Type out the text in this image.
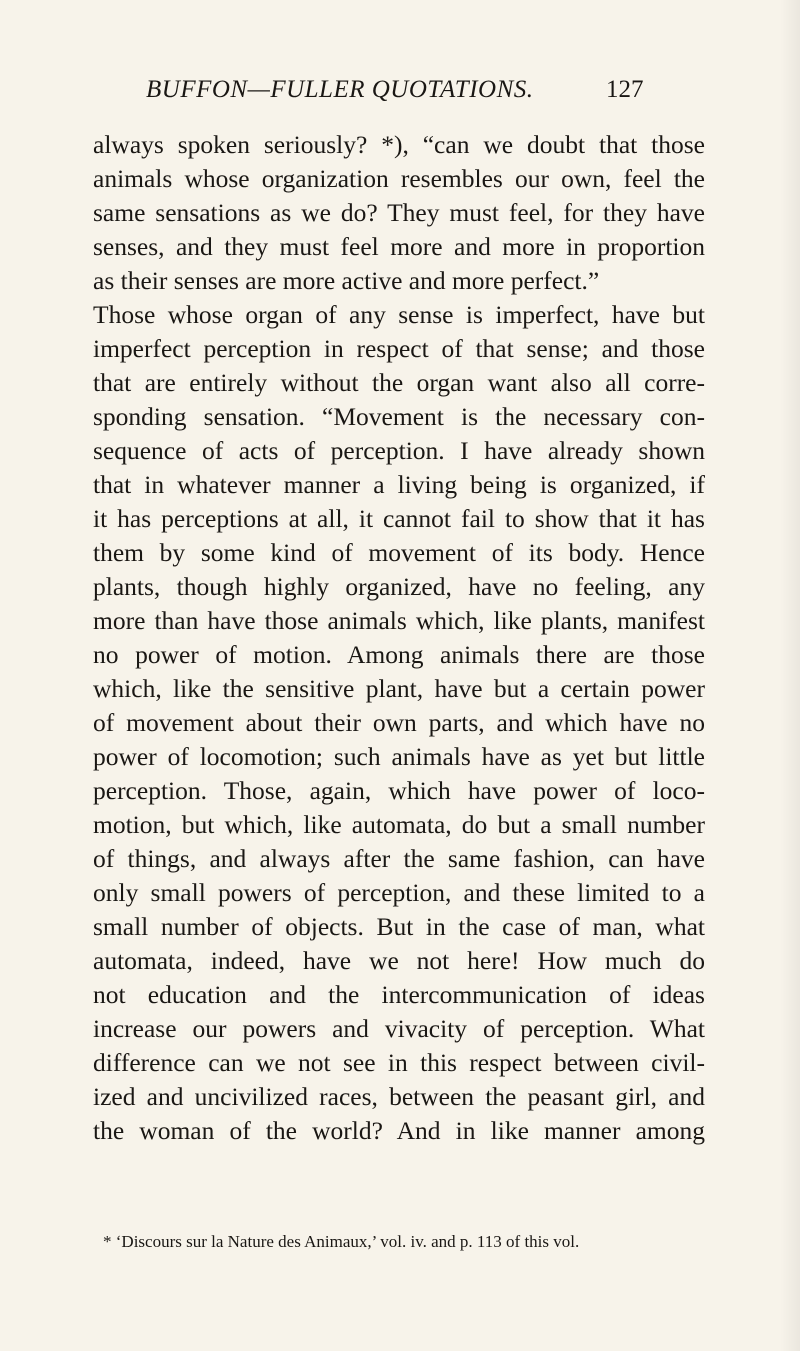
BUFFON—FULLER QUOTATIONS.	127
always spoken seriously? *), “can we doubt that those
animals whose organization resembles our own, feel the
same sensations as we do? They must feel, for they have
senses, and they must feel more and more in proportion
as their senses are more active and more perfect.”
Those whose organ of any sense is imperfect, have but
imperfect perception in respect of that sense; and those
that are entirely without the organ want also all corre-
sponding sensation. “Movement is the necessary con-
sequence of acts of perception. I have already shown
that in whatever manner a living being is organized, if
it has perceptions at all, it cannot fail to show that it has
them by some kind of movement of its body. Hence
plants, though highly organized, have no feeling, any
more than have those animals which, like plants, manifest
no power of motion. Among animals there are those
which, like the sensitive plant, have but a certain power
of movement about their own parts, and which have no
power of locomotion; such animals have as yet but little
perception. Those, again, which have power of loco-
motion, but which, like automata, do but a small number
of things, and always after the same fashion, can have
only small powers of perception, and these limited to a
small number of objects. But in the case of man, what
automata, indeed, have we not here! How much do
not education and the intercommunication of ideas
increase our powers and vivacity of perception. What
difference can we not see in this respect between civil-
ized and uncivilized races, between the peasant girl, and
the woman of the world? And in like manner among
* ‘Discours sur la Nature des Animaux,’ vol. iv. and p. 113 of this vol.
